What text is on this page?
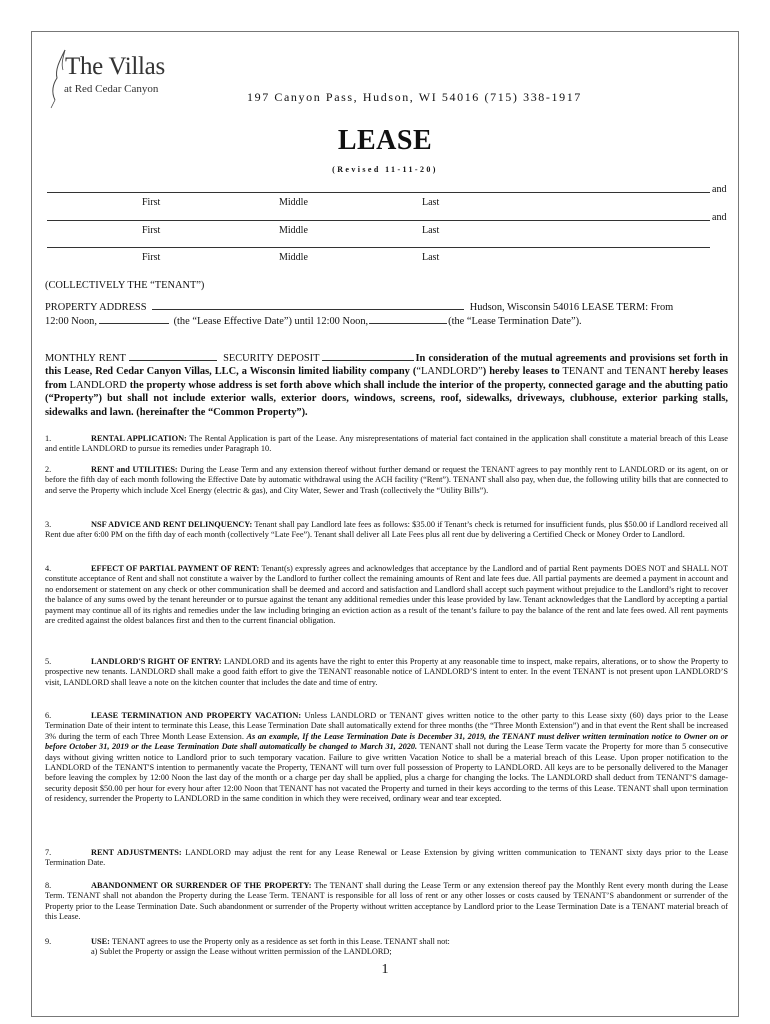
The Villas
at Red Cedar Canyon
197 Canyon Pass, Hudson, WI 54016 (715) 338-1917
LEASE
(Revised 11-11-20)
and
First	Middle	Last
and
First	Middle	Last
First	Middle	Last
(COLLECTIVELY THE “TENANT”)
PROPERTY ADDRESS	Hudson, Wisconsin 54016 LEASE TERM: From
12:00 Noon,	(the “Lease Effective Date”) until 12:00 Noon,	(the “Lease Termination Date”).
MONTHLY RENT	SECURITY DEPOSIT	In consideration of the mutual agreements and provisions set forth in this Lease, Red Cedar Canyon Villas, LLC, a Wisconsin limited liability company (“LANDLORD”) hereby leases to TENANT and TENANT hereby leases from LANDLORD the property whose address is set forth above which shall include the interior of the property, connected garage and the abutting patio (“Property”) but shall not include exterior walls, exterior doors, windows, screens, roof, sidewalks, driveways, clubhouse, exterior parking stalls, sidewalks and lawn. (hereinafter the “Common Property”).
1.	RENTAL APPLICATION: The Rental Application is part of the Lease. Any misrepresentations of material fact contained in the application shall constitute a material breach of this Lease and entitle LANDLORD to pursue its remedies under Paragraph 10.
2.	RENT and UTILITIES: During the Lease Term and any extension thereof without further demand or request the TENANT agrees to pay monthly rent to LANDLORD or its agent, on or before the fifth day of each month following the Effective Date by automatic withdrawal using the ACH facility (“Rent”). TENANT shall also pay, when due, the following utility bills that are connected to and serve the Property which include Xcel Energy (electric & gas), and City Water, Sewer and Trash (collectively the “Utility Bills”).
3.	NSF ADVICE AND RENT DELINQUENCY: Tenant shall pay Landlord late fees as follows: $35.00 if Tenant’s check is returned for insufficient funds, plus $50.00 if Landlord received all Rent due after 6:00 PM on the fifth day of each month (collectively “Late Fee”). Tenant shall deliver all Late Fees plus all rent due by delivering a Certified Check or Money Order to Landlord.
4.	EFFECT OF PARTIAL PAYMENT OF RENT: Tenant(s) expressly agrees and acknowledges that acceptance by the Landlord and of partial Rent payments DOES NOT and SHALL NOT constitute acceptance of Rent and shall not constitute a waiver by the Landlord to further collect the remaining amounts of Rent and late fees due. All partial payments are deemed a payment in account and no endorsement or statement on any check or other communication shall be deemed and accord and satisfaction and Landlord shall accept such payment without prejudice to the Landlord’s right to recover the balance of any sums owed by the tenant hereunder or to pursue against the tenant any additional remedies under this lease provided by law. Tenant acknowledges that the Landlord by accepting a partial payment may continue all of its rights and remedies under the law including bringing an eviction action as a result of the tenant’s failure to pay the balance of the rent and late fees owed. All rent payments are credited against the oldest balances first and then to the current financial obligation.
5.	LANDLORD'S RIGHT OF ENTRY: LANDLORD and its agents have the right to enter this Property at any reasonable time to inspect, make repairs, alterations, or to show the Property to prospective new tenants. LANDLORD shall make a good faith effort to give the TENANT reasonable notice of LANDLORD’S intent to enter. In the event TENANT is not present upon LANDLORD’S visit, LANDLORD shall leave a note on the kitchen counter that includes the date and time of entry.
6.	LEASE TERMINATION AND PROPERTY VACATION: Unless LANDLORD or TENANT gives written notice to the other party to this Lease sixty (60) days prior to the Lease Termination Date of their intent to terminate this Lease, this Lease Termination Date shall automatically extend for three months (the “Three Month Extension”) and in that event the Rent shall be increased 3% during the term of each Three Month Lease Extension. As an example, If the Lease Termination Date is December 31, 2019, the TENANT must deliver written termination notice to Owner on or before October 31, 2019 or the Lease Termination Date shall automatically be changed to March 31, 2020. TENANT shall not during the Lease Term vacate the Property for more than 5 consecutive days without giving written notice to Landlord prior to such temporary vacation. Failure to give written Vacation Notice to shall be a material breach of this Lease. Upon proper notification to the LANDLORD of the TENANT'S intention to permanently vacate the Property, TENANT will turn over full possession of Property to LANDLORD. All keys are to be personally delivered to the Manager before leaving the complex by 12:00 Noon the last day of the month or a charge per day shall be applied, plus a charge for changing the locks. The LANDLORD shall deduct from TENANT’S damage-security deposit $50.00 per hour for every hour after 12:00 Noon that TENANT has not vacated the Property and turned in their keys according to the terms of this Lease. TENANT shall upon termination of residency, surrender the Property to LANDLORD in the same condition in which they were received, ordinary wear and tear excepted.
7.	RENT ADJUSTMENTS: LANDLORD may adjust the rent for any Lease Renewal or Lease Extension by giving written communication to TENANT sixty days prior to the Lease Termination Date.
8.	ABANDONMENT OR SURRENDER OF THE PROPERTY: The TENANT shall during the Lease Term or any extension thereof pay the Monthly Rent every month during the Lease Term. TENANT shall not abandon the Property during the Lease Term. TENANT is responsible for all loss of rent or any other losses or costs caused by TENANT’S abandonment or surrender of the Property prior to the Lease Termination Date. Such abandonment or surrender of the Property without written acceptance by Landlord prior to the Lease Termination Date is a TENANT material breach of this Lease.
9.	USE: TENANT agrees to use the Property only as a residence as set forth in this Lease. TENANT shall not:
a) Sublet the Property or assign the Lease without written permission of the LANDLORD;
1
